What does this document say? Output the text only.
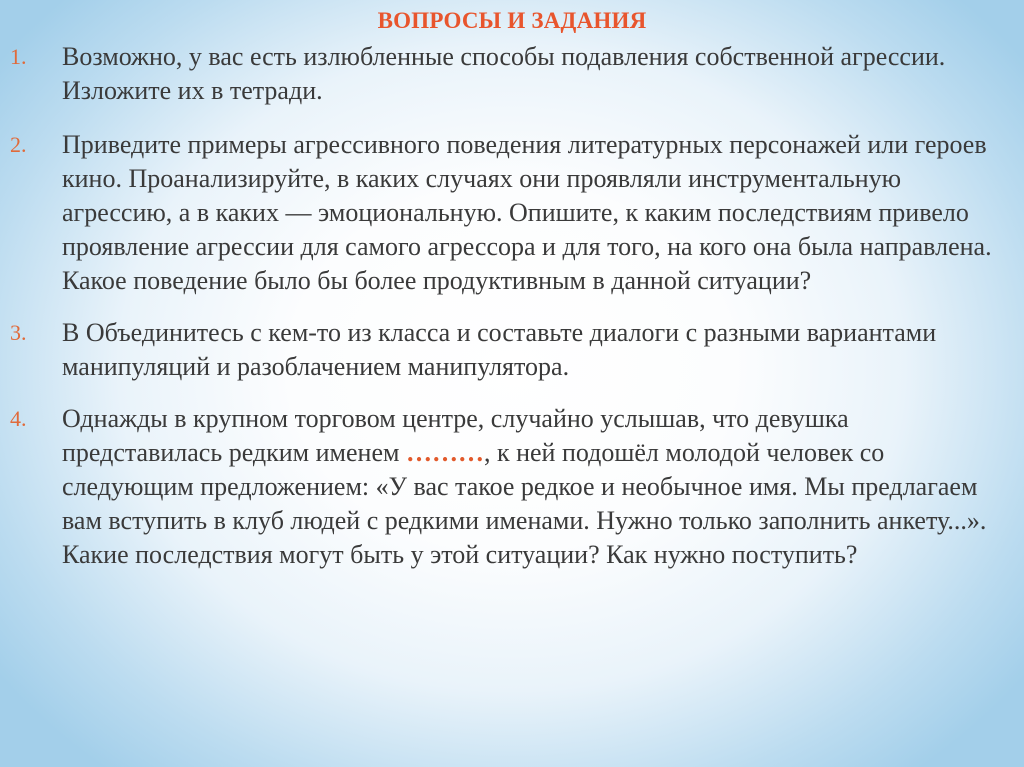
ВОПРОСЫ И ЗАДАНИЯ
1. Возможно, у вас есть излюбленные способы подавления собственной агрессии. Изложите их в тетради.
2. Приведите примеры агрессивного поведения литературных персонажей или героев кино. Проанализируйте, в каких случаях они проявляли инструментальную агрессию, а в каких — эмоциональную. Опишите, к каким последствиям привело проявление агрессии для самого агрессора и для того, на кого она была направлена. Какое поведение было бы более продуктивным в данной ситуации?
3. В Объединитесь с кем-то из класса и составьте диалоги с разными вариантами манипуляций и разоблачением манипулятора.
4. Однажды в крупном торговом центре, случайно услышав, что девушка представилась редким именем ………, к ней подошёл молодой человек со следующим предложением: «У вас такое редкое и необычное имя. Мы предлагаем вам вступить в клуб людей с редкими именами. Нужно только заполнить анкету...». Какие последствия могут быть у этой ситуации? Как нужно поступить?
